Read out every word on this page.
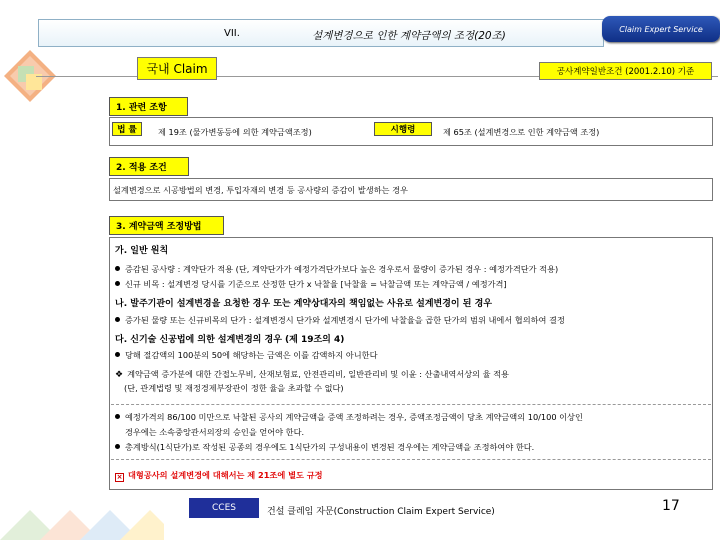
VII.	설계변경으로 인한 계약금액의 조정(20조)
Claim Expert Service
국내 Claim	공사계약일반조건 (2001.2.10) 기준
1. 관련 조항
법 률	제 19조 (물가변동등에 의한 계약금액조정)	시행령	제 65조 (설계변경으로 인한 계약금액 조정)
2. 적용 조건
설계변경으로 시공방법의 변경, 투입자재의 변경 등 공사량의 증감이 발생하는 경우
3. 계약금액 조정방법
가. 일반 원칙
증감된 공사량 : 계약단가 적용 (단, 계약단가가 예정가격단가보다 높은 경우로서 물량이 증가된 경우 : 예정가격단가 적용)
신규 비목 : 설계변경 당시를 기준으로 산정한 단가 x 낙찰율 [낙찰율 = 낙찰금액 또는 계약금액 / 예정가격]
나. 발주기관이 설계변경을 요청한 경우 또는 계약상대자의 책임없는 사유로 설계변경이 된 경우
증가된 물량 또는 신규비목의 단가 : 설계변경시 단가와 설계변경시 단가에 낙찰율을 곱한 단가의 범위 내에서 협의하여 결정
다. 신기술 신공법에 의한 설계변경의 경우 (제 19조의 4)
당해 절감액의 100분의 50에 해당하는 금액은 이를 감액하지 아니한다
❖ 계약금액 증가분에 대한 간접노무비, 산재보험료, 안전관리비, 일반관리비 및 이윤 : 산출내역서상의 율 적용
(단, 관계법령 및 재정경제부장관이 정한 율을 초과할 수 없다)
예정가격의 86/100 미만으로 낙찰된 공사의 계약금액을 증액 조정하려는 경우, 증액조정금액이 당초 계약금액의 10/100 이상인
경우에는 소속중앙관서의장의 승인을 얻어야 한다.
총계방식(1식단가)로 작성된 공종의 경우에도 1식단가의 구성내용이 변경된 경우에는 계약금액을 조정하여야 한다.
× 대형공사의 설계변경에 대해서는 제 21조에 별도 규정
CCES	건설 클레임 자문(Construction Claim Expert Service)	17
